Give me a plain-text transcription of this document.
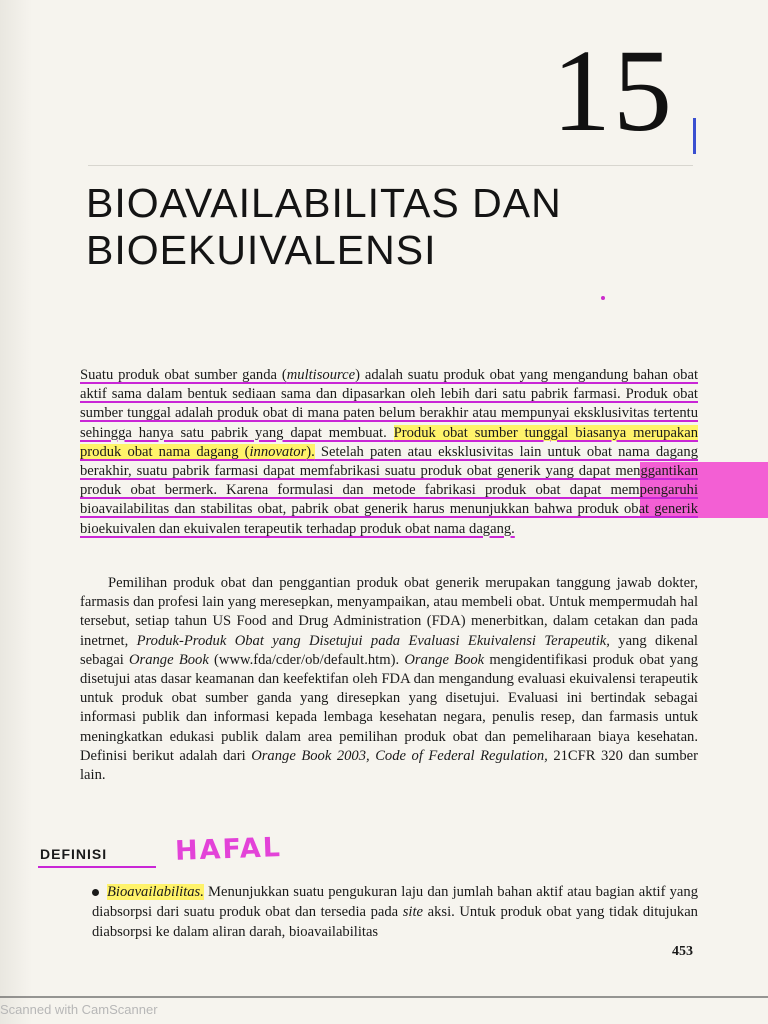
15
BIOAVAILABILITAS DAN
BIOEKUIVALENSI

Suatu produk obat sumber ganda (multisource) adalah suatu produk obat yang mengandung bahan obat aktif sama dalam bentuk sediaan sama dan dipasarkan oleh lebih dari satu pabrik farmasi. Produk obat sumber tunggal adalah produk obat di mana paten belum berakhir atau mempunyai eksklusivitas tertentu sehingga hanya satu pabrik yang dapat membuat. Produk obat sumber tunggal biasanya merupakan produk obat nama dagang (innovator). Setelah paten atau eksklusivitas lain untuk obat nama dagang berakhir, suatu pabrik farmasi dapat memfabrikasi suatu produk obat generik yang dapat menggantikan produk obat bermerk. Karena formulasi dan metode fabrikasi produk obat dapat mempengaruhi bioavailabilitas dan stabilitas obat, pabrik obat generik harus menunjukkan bahwa produk obat generik bioekuivalen dan ekuivalen terapeutik terhadap produk obat nama dagang.

Pemilihan produk obat dan penggantian produk obat generik merupakan tanggung jawab dokter, farmasis dan profesi lain yang meresepkan, menyampaikan, atau membeli obat. Untuk mempermudah hal tersebut, setiap tahun US Food and Drug Administration (FDA) menerbitkan, dalam cetakan dan pada inetrnet, Produk-Produk Obat yang Disetujui pada Evaluasi Ekuivalensi Terapeutik, yang dikenal sebagai Orange Book (www.fda/cder/ob/default.htm). Orange Book mengidentifikasi produk obat yang disetujui atas dasar keamanan dan keefektifan oleh FDA dan mengandung evaluasi ekuivalensi terapeutik untuk produk obat sumber ganda yang diresepkan yang disetujui. Evaluasi ini bertindak sebagai informasi publik dan informasi kepada lembaga kesehatan negara, penulis resep, dan farmasis untuk meningkatkan edukasi publik dalam area pemilihan produk obat dan pemeliharaan biaya kesehatan. Definisi berikut adalah dari Orange Book 2003, Code of Federal Regulation, 21CFR 320 dan sumber lain.

DEFINISI HAFAL

Bioavailabilitas. Menunjukkan suatu pengukuran laju dan jumlah bahan aktif atau bagian aktif yang diabsorpsi dari suatu produk obat dan tersedia pada site aksi. Untuk produk obat yang tidak ditujukan diabsorpsi ke dalam aliran darah, bioavailabilitas

453
Scanned with CamScanner
